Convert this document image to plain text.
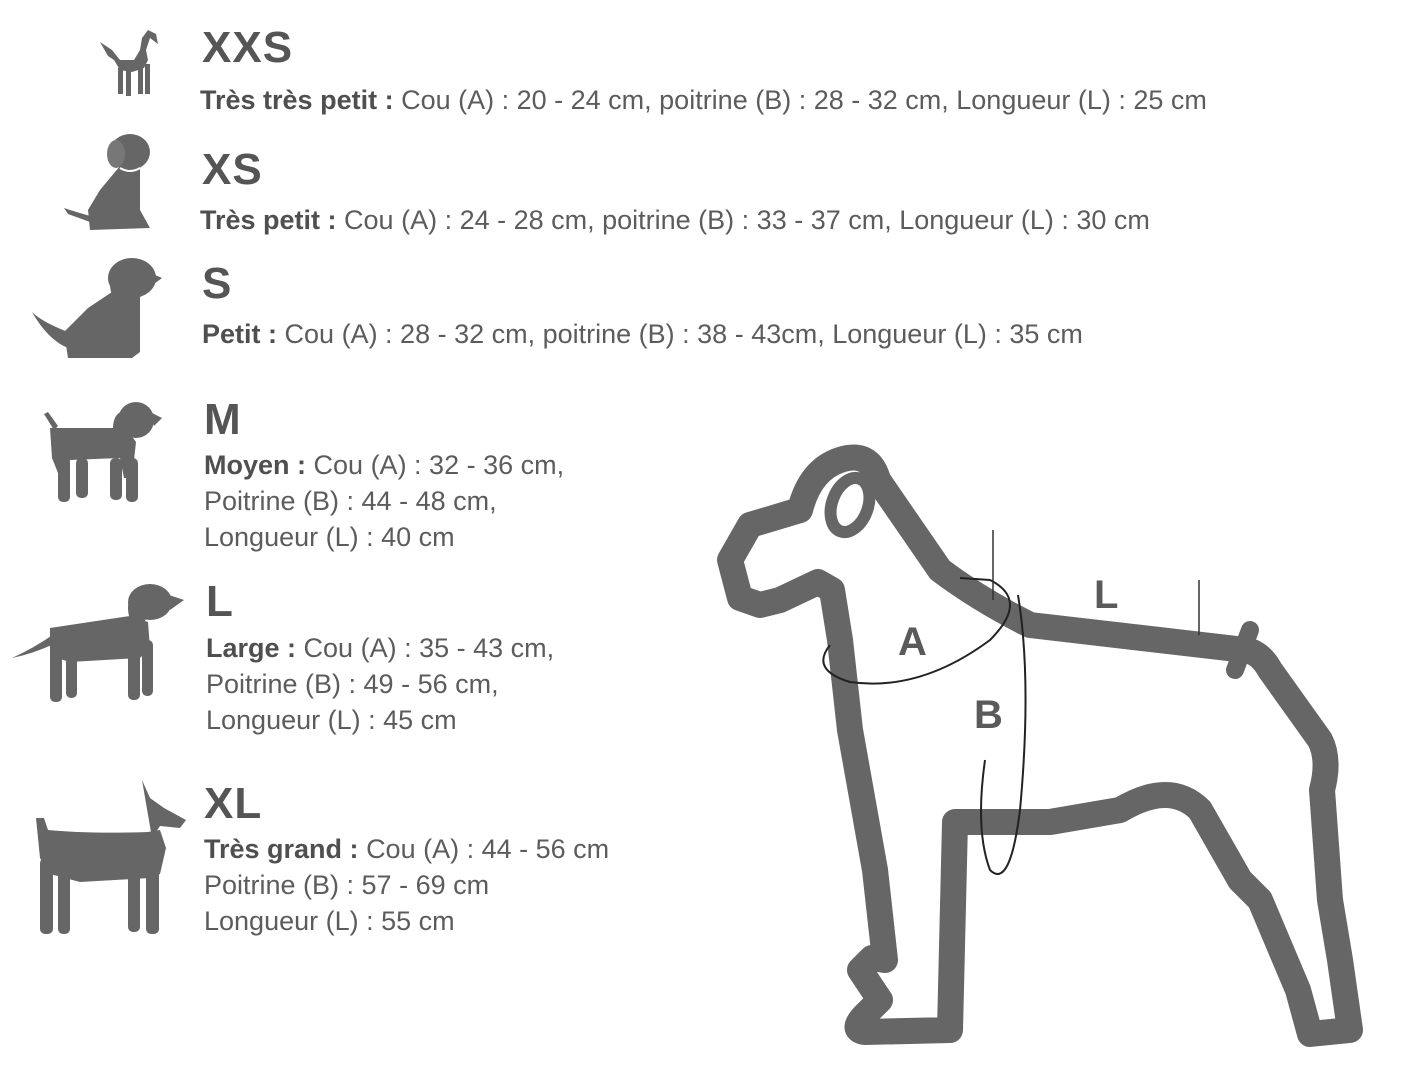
XXS
Très très petit : Cou (A) : 20 - 24 cm, poitrine (B) : 28 - 32 cm, Longueur (L) : 25 cm
XS
Très petit : Cou (A) : 24 - 28 cm, poitrine (B) : 33 - 37 cm, Longueur (L) : 30 cm
S
Petit : Cou (A) : 28 - 32 cm, poitrine (B) : 38 - 43cm, Longueur (L) : 35 cm
M
Moyen : Cou (A) : 32 - 36 cm,
Poitrine (B) : 44 - 48 cm,
Longueur (L) : 40 cm
L
Large : Cou (A) : 35 - 43 cm,
Poitrine (B) : 49 - 56 cm,
Longueur (L) : 45 cm
XL
Très grand : Cou (A) : 44 - 56 cm
Poitrine (B) : 57 - 69 cm
Longueur (L) : 55 cm
A
B
L
